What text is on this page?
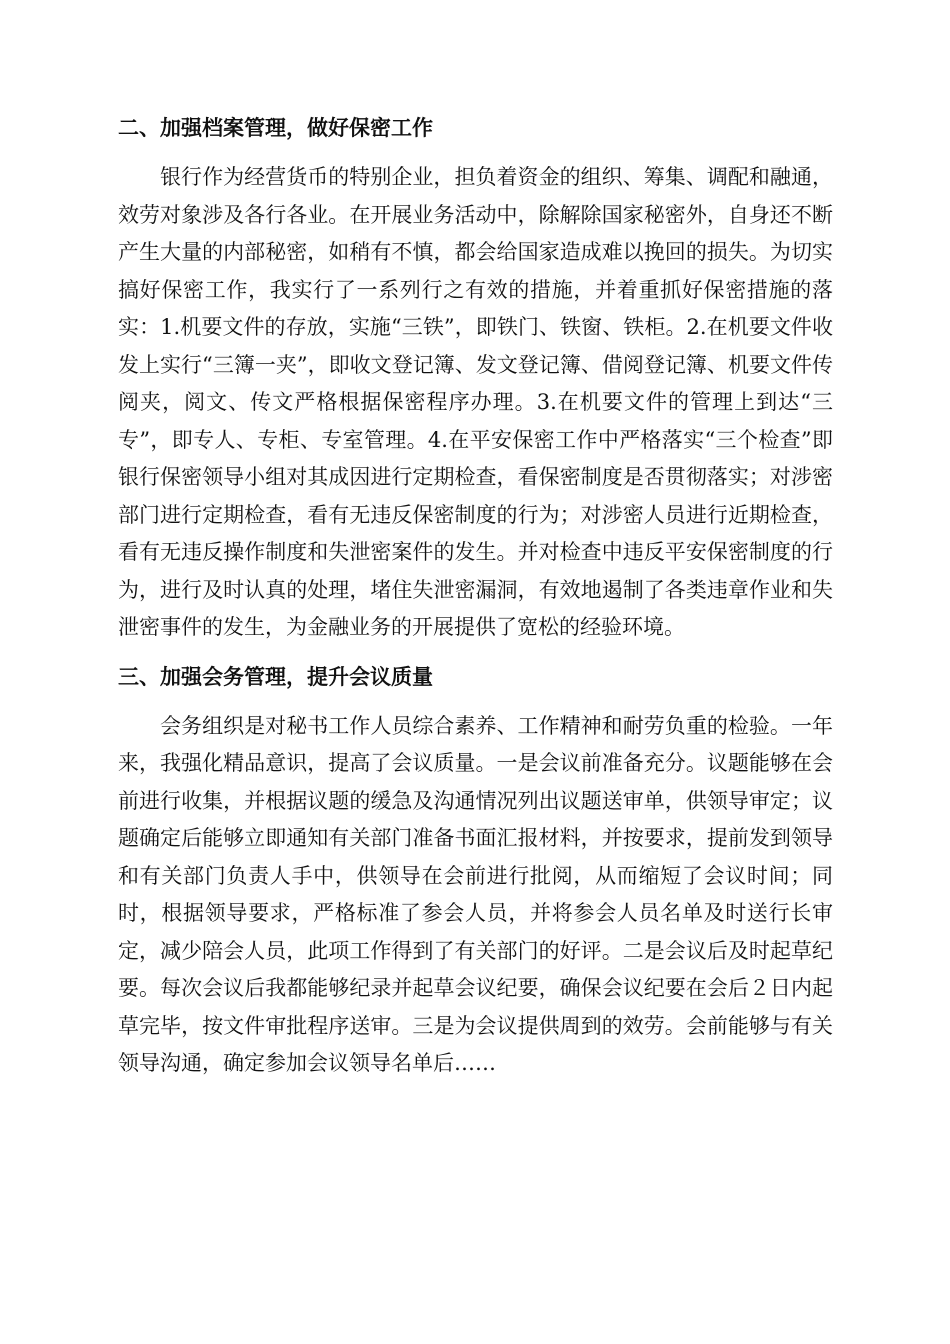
二、加强档案管理，做好保密工作

银行作为经营货币的特别企业，担负着资金的组织、筹集、调配和融通，效劳对象涉及各行各业。在开展业务活动中，除解除国家秘密外，自身还不断产生大量的内部秘密，如稍有不慎，都会给国家造成难以挽回的损失。为切实搞好保密工作，我实行了一系列行之有效的措施，并着重抓好保密措施的落实：1.机要文件的存放，实施“三铁”，即铁门、铁窗、铁柜。2.在机要文件收发上实行“三簿一夹”，即收文登记簿、发文登记簿、借阅登记簿、机要文件传阅夹，阅文、传文严格根据保密程序办理。3.在机要文件的管理上到达“三专”，即专人、专柜、专室管理。4.在平安保密工作中严格落实“三个检查”即银行保密领导小组对其成因进行定期检查，看保密制度是否贯彻落实；对涉密部门进行定期检查，看有无违反保密制度的行为；对涉密人员进行近期检查，看有无违反操作制度和失泄密案件的发生。并对检查中违反平安保密制度的行为，进行及时认真的处理，堵住失泄密漏洞，有效地遏制了各类违章作业和失泄密事件的发生，为金融业务的开展提供了宽松的经验环境。

三、加强会务管理，提升会议质量

会务组织是对秘书工作人员综合素养、工作精神和耐劳负重的检验。一年来，我强化精品意识，提高了会议质量。一是会议前准备充分。议题能够在会前进行收集，并根据议题的缓急及沟通情况列出议题送审单，供领导审定；议题确定后能够立即通知有关部门准备书面汇报材料，并按要求，提前发到领导和有关部门负责人手中，供领导在会前进行批阅，从而缩短了会议时间；同时，根据领导要求，严格标准了参会人员，并将参会人员名单及时送行长审定，减少陪会人员，此项工作得到了有关部门的好评。二是会议后及时起草纪要。每次会议后我都能够纪录并起草会议纪要，确保会议纪要在会后２日内起草完毕，按文件审批程序送审。三是为会议提供周到的效劳。会前能够与有关领导沟通，确定参加会议领导名单后……
